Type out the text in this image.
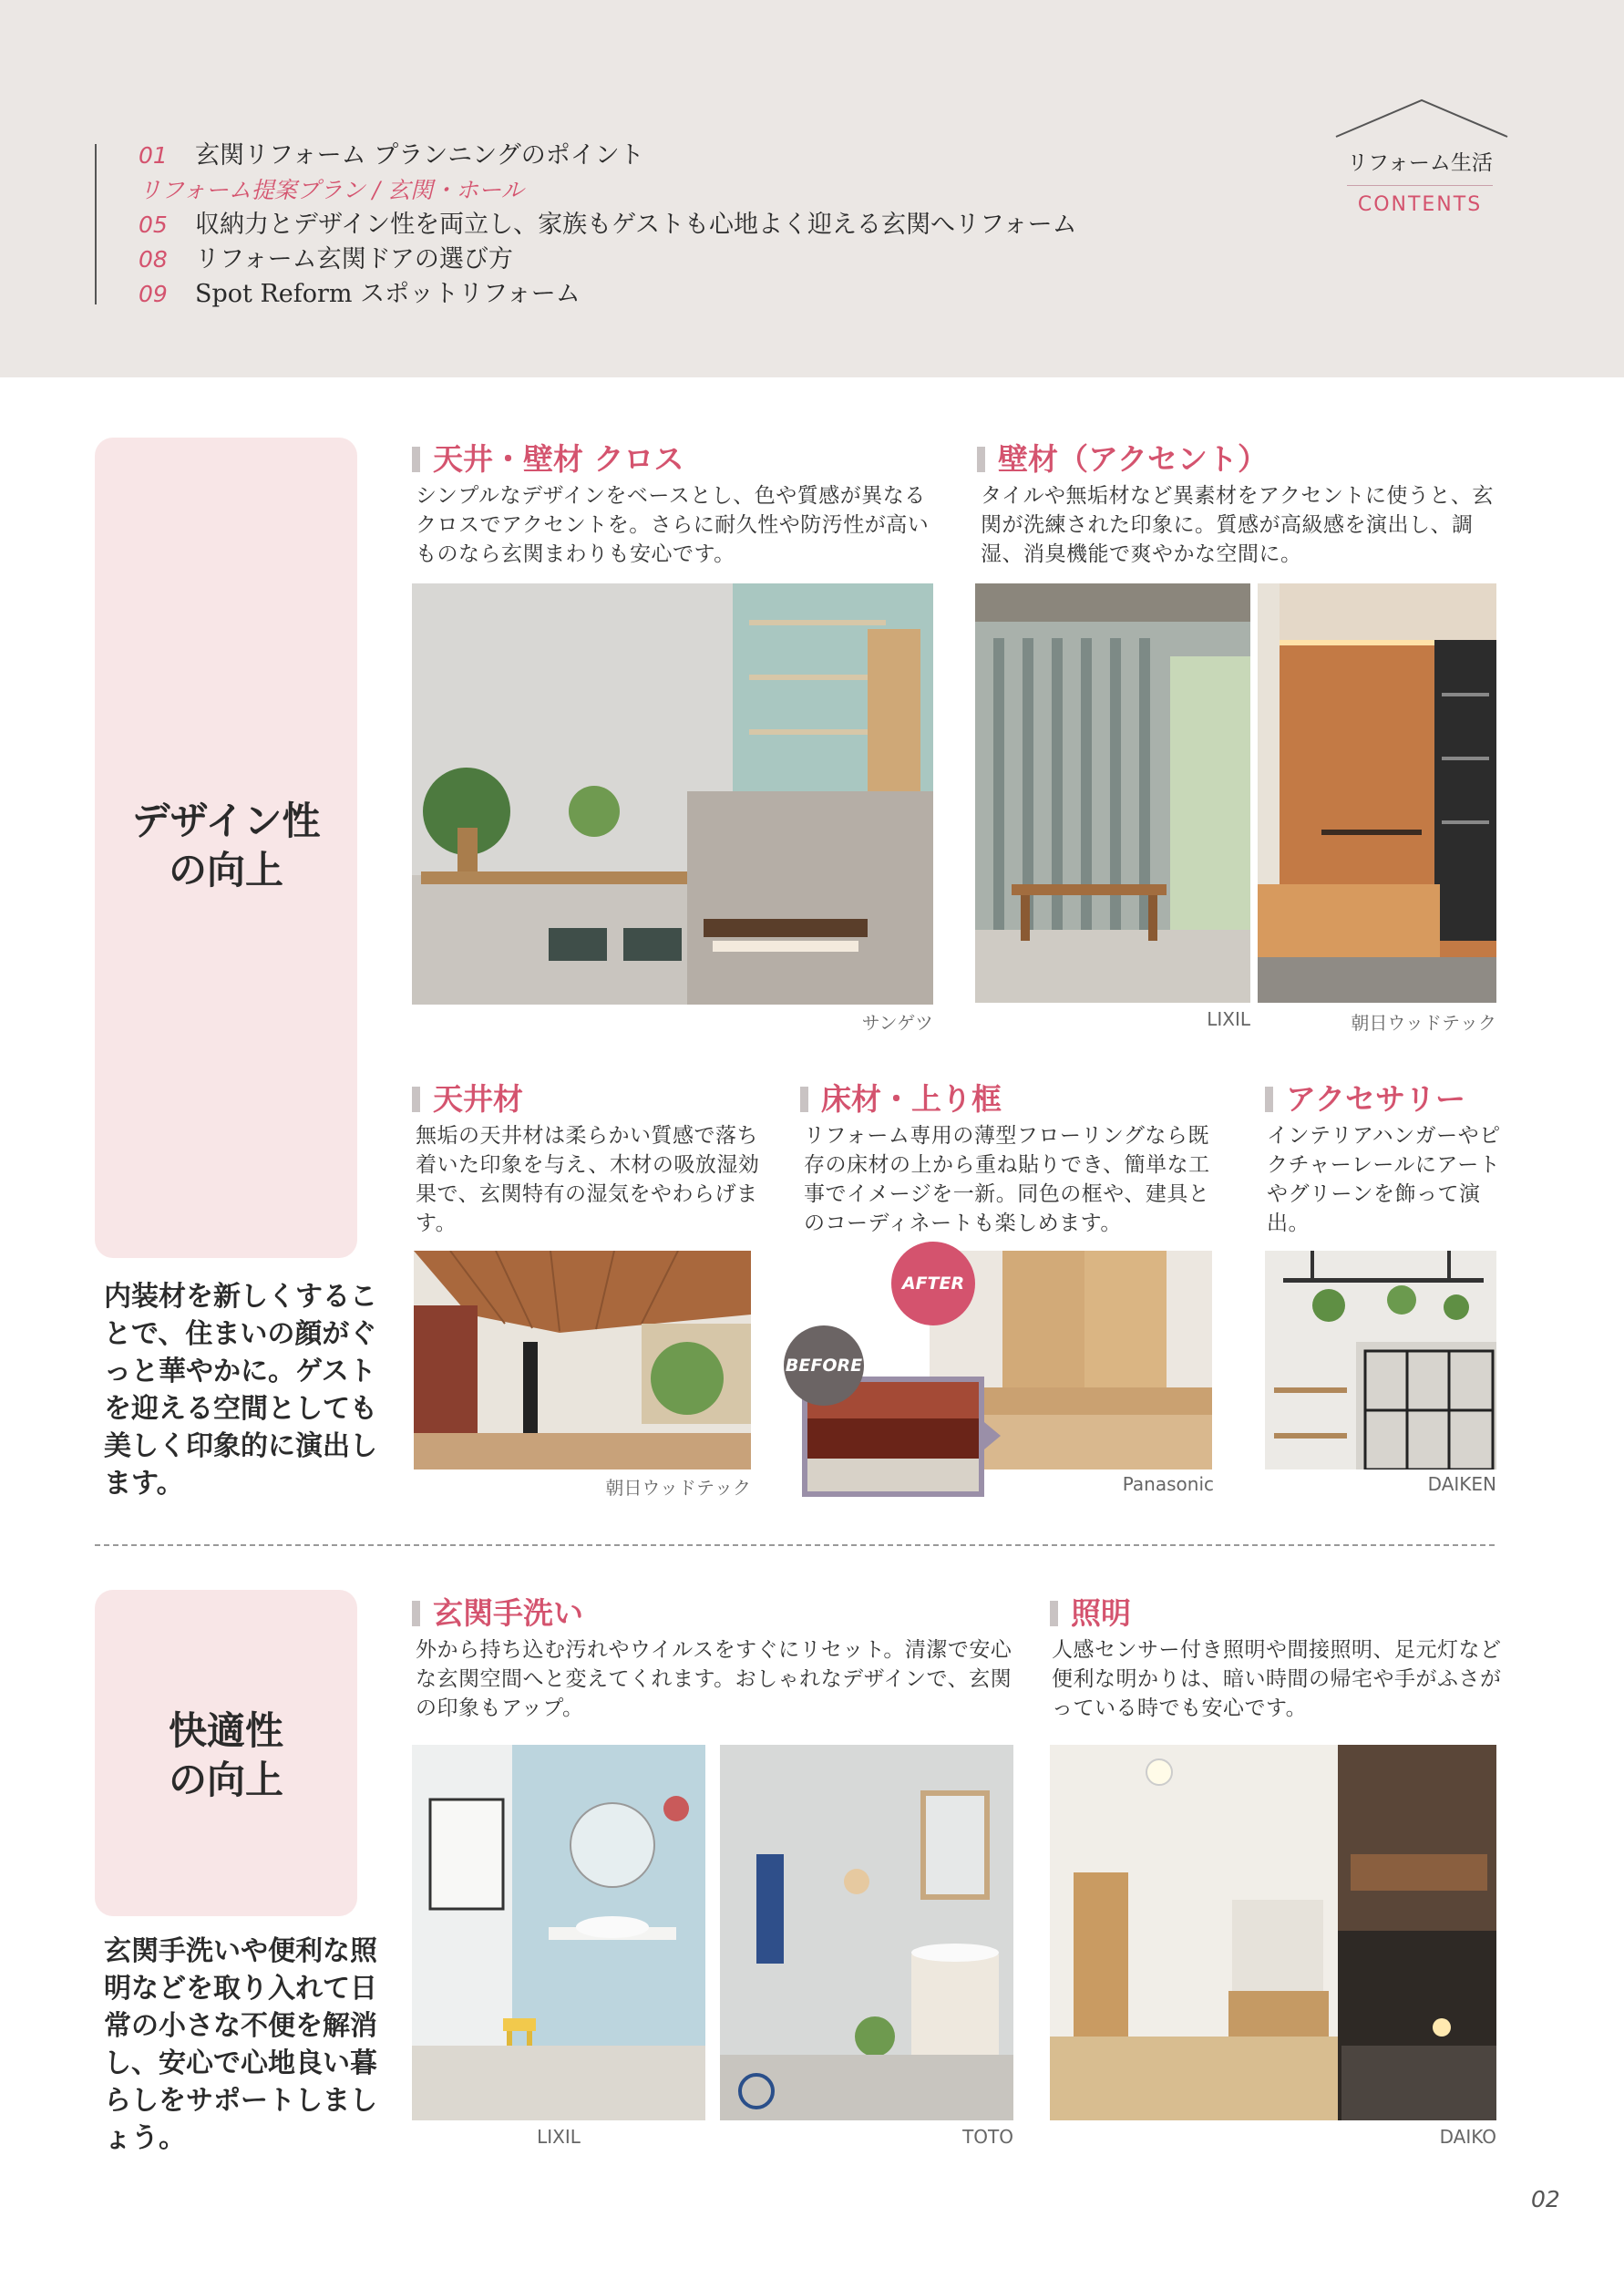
01 玄関リフォーム プランニングのポイント
リフォーム提案プラン / 玄関・ホール
05 収納力とデザイン性を両立し、家族もゲストも心地よく迎える玄関へリフォーム
08 リフォーム玄関ドアの選び方
09 Spot Reform スポットリフォーム
リフォーム生活
CONTENTS
デザイン性
の向上
内装材を新しくすることで、住まいの顔がぐっと華やかに。ゲストを迎える空間としても美しく印象的に演出します。
天井・壁材 クロス
シンプルなデザインをベースとし、色や質感が異なるクロスでアクセントを。さらに耐久性や防汚性が高いものなら玄関まわりも安心です。
サンゲツ
壁材（アクセント）
タイルや無垢材など異素材をアクセントに使うと、玄関が洗練された印象に。質感が高級感を演出し、調湿、消臭機能で爽やかな空間に。
LIXIL	朝日ウッドテック
天井材
無垢の天井材は柔らかい質感で落ち着いた印象を与え、木材の吸放湿効果で、玄関特有の湿気をやわらげます。
朝日ウッドテック
床材・上り框
リフォーム専用の薄型フローリングなら既存の床材の上から重ね貼りでき、簡単な工事でイメージを一新。同色の框や、建具とのコーディネートも楽しめます。
AFTER
BEFORE
Panasonic
アクセサリー
インテリアハンガーやピクチャーレールにアートやグリーンを飾って演出。
DAIKEN
快適性
の向上
玄関手洗いや便利な照明などを取り入れて日常の小さな不便を解消し、安心で心地良い暮らしをサポートしましょう。
玄関手洗い
外から持ち込む汚れやウイルスをすぐにリセット。清潔で安心な玄関空間へと変えてくれます。おしゃれなデザインで、玄関の印象もアップ。
LIXIL	TOTO
照明
人感センサー付き照明や間接照明、足元灯など便利な明かりは、暗い時間の帰宅や手がふさがっている時でも安心です。
DAIKO
02
